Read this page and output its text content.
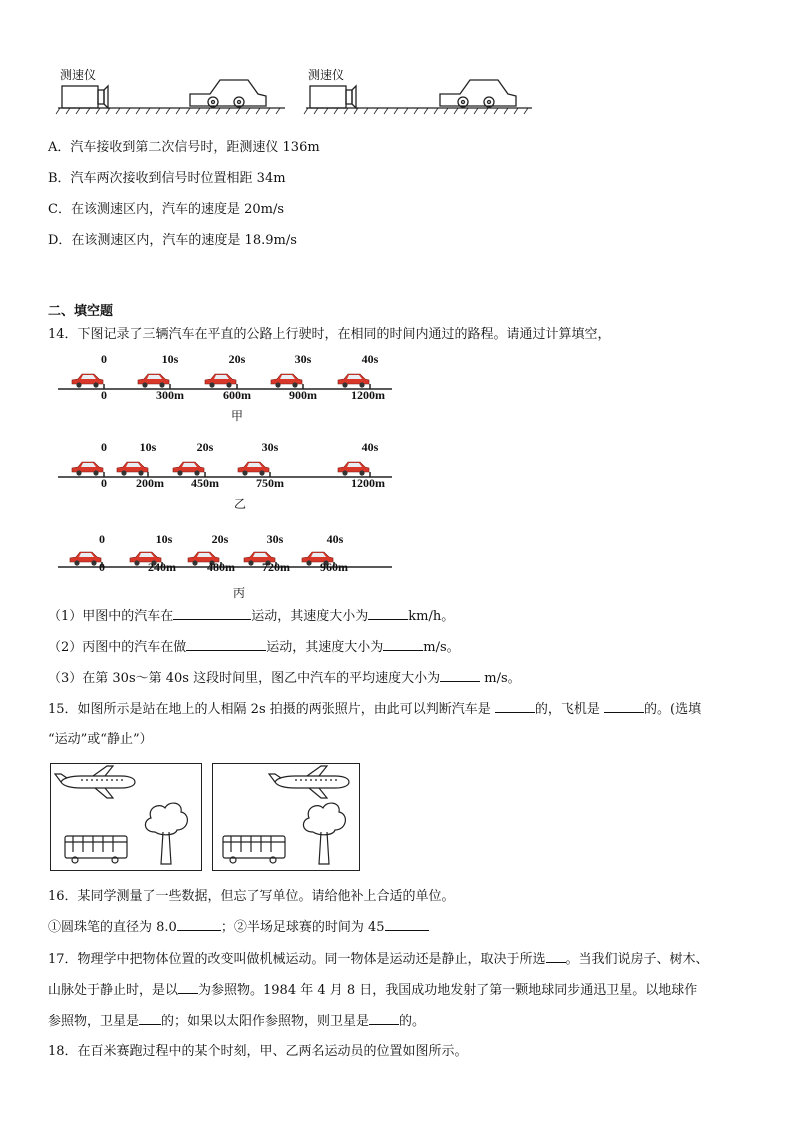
测速仪	测速仪
A．汽车接收到第二次信号时，距测速仪 136m
B．汽车两次接收到信号时位置相距 34m
C．在该测速区内，汽车的速度是 20m/s
D．在该测速区内，汽车的速度是 18.9m/s
二、填空题
14．下图记录了三辆汽车在平直的公路上行驶时，在相同的时间内通过的路程。请通过计算填空，
0	10s	20s	30s	40s
0	300m	600m	900m	1200m
甲
0	10s	20s	30s	40s
0 200m 450m	750m	1200m
乙
0	10s	20s	30s	40s
0	240m	480m 720m	960m
丙
（1）甲图中的汽车在	运动，其速度大小为	km/h。
（2）丙图中的汽车在做	运动，其速度大小为	m/s。
（3）在第 30s～第 40s 这段时间里，图乙中汽车的平均速度大小为	m/s。
15．如图所示是站在地上的人相隔 2s 拍摄的两张照片，由此可以判断汽车是	的，飞机是	的。(选填
“运动”或“静止”）
16．某同学测量了一些数据，但忘了写单位。请给他补上合适的单位。
①圆珠笔的直径为 8.0	；②半场足球赛的时间为 45
17．物理学中把物体位置的改变叫做机械运动。同一物体是运动还是静止，取决于所选 。当我们说房子、树木、
山脉处于静止时，是以 为参照物。1984 年 4 月 8 日，我国成功地发射了第一颗地球同步通迅卫星。以地球作
参照物，卫星是 的；如果以太阳作参照物，则卫星是 的。
18．在百米赛跑过程中的某个时刻，甲、乙两名运动员的位置如图所示。
